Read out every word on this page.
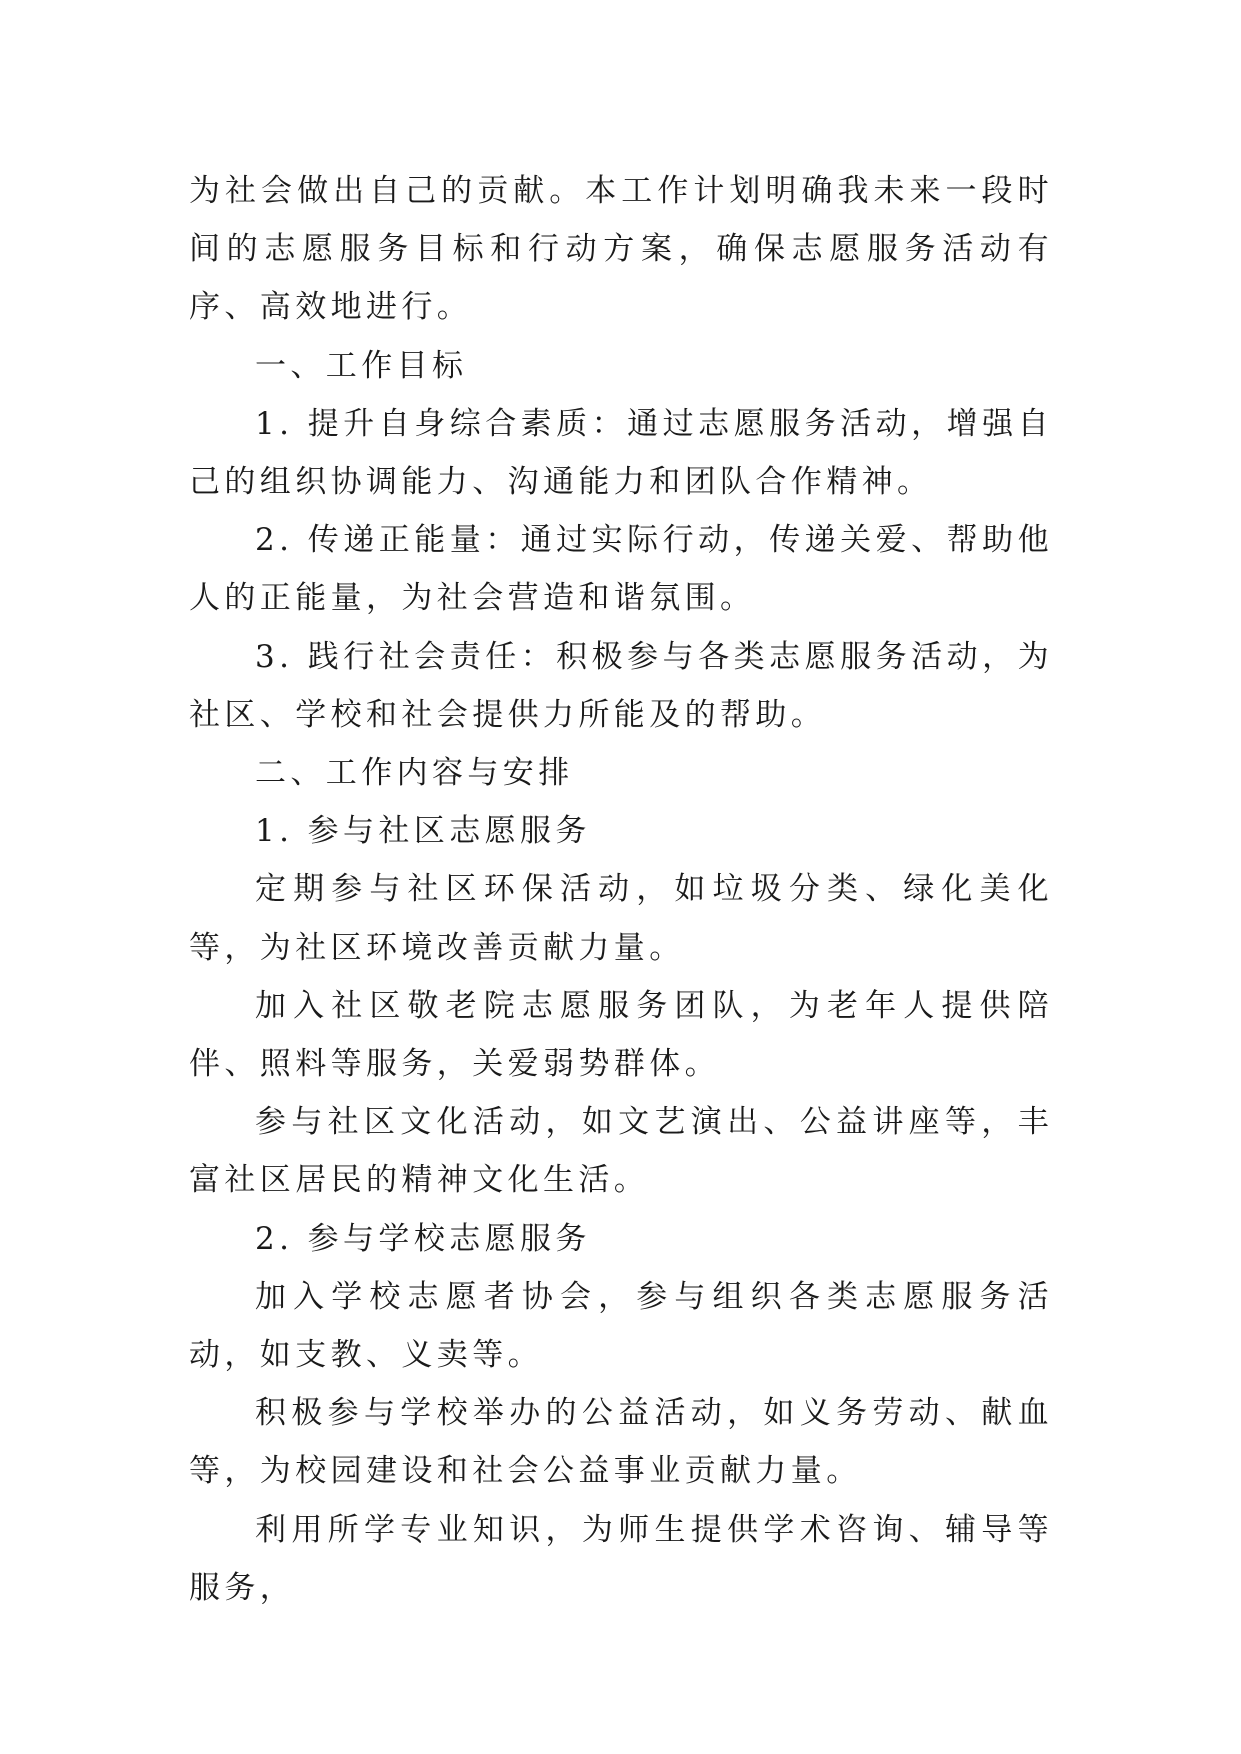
为社会做出自己的贡献。本工作计划明确我未来一段时间的志愿服务目标和行动方案，确保志愿服务活动有序、高效地进行。

一、工作目标

1. 提升自身综合素质：通过志愿服务活动，增强自己的组织协调能力、沟通能力和团队合作精神。

2. 传递正能量：通过实际行动，传递关爱、帮助他人的正能量，为社会营造和谐氛围。

3. 践行社会责任：积极参与各类志愿服务活动，为社区、学校和社会提供力所能及的帮助。

二、工作内容与安排

1. 参与社区志愿服务

定期参与社区环保活动，如垃圾分类、绿化美化等，为社区环境改善贡献力量。

加入社区敬老院志愿服务团队，为老年人提供陪伴、照料等服务，关爱弱势群体。

参与社区文化活动，如文艺演出、公益讲座等，丰富社区居民的精神文化生活。

2. 参与学校志愿服务

加入学校志愿者协会，参与组织各类志愿服务活动，如支教、义卖等。

积极参与学校举办的公益活动，如义务劳动、献血等，为校园建设和社会公益事业贡献力量。

利用所学专业知识，为师生提供学术咨询、辅导等服务，
